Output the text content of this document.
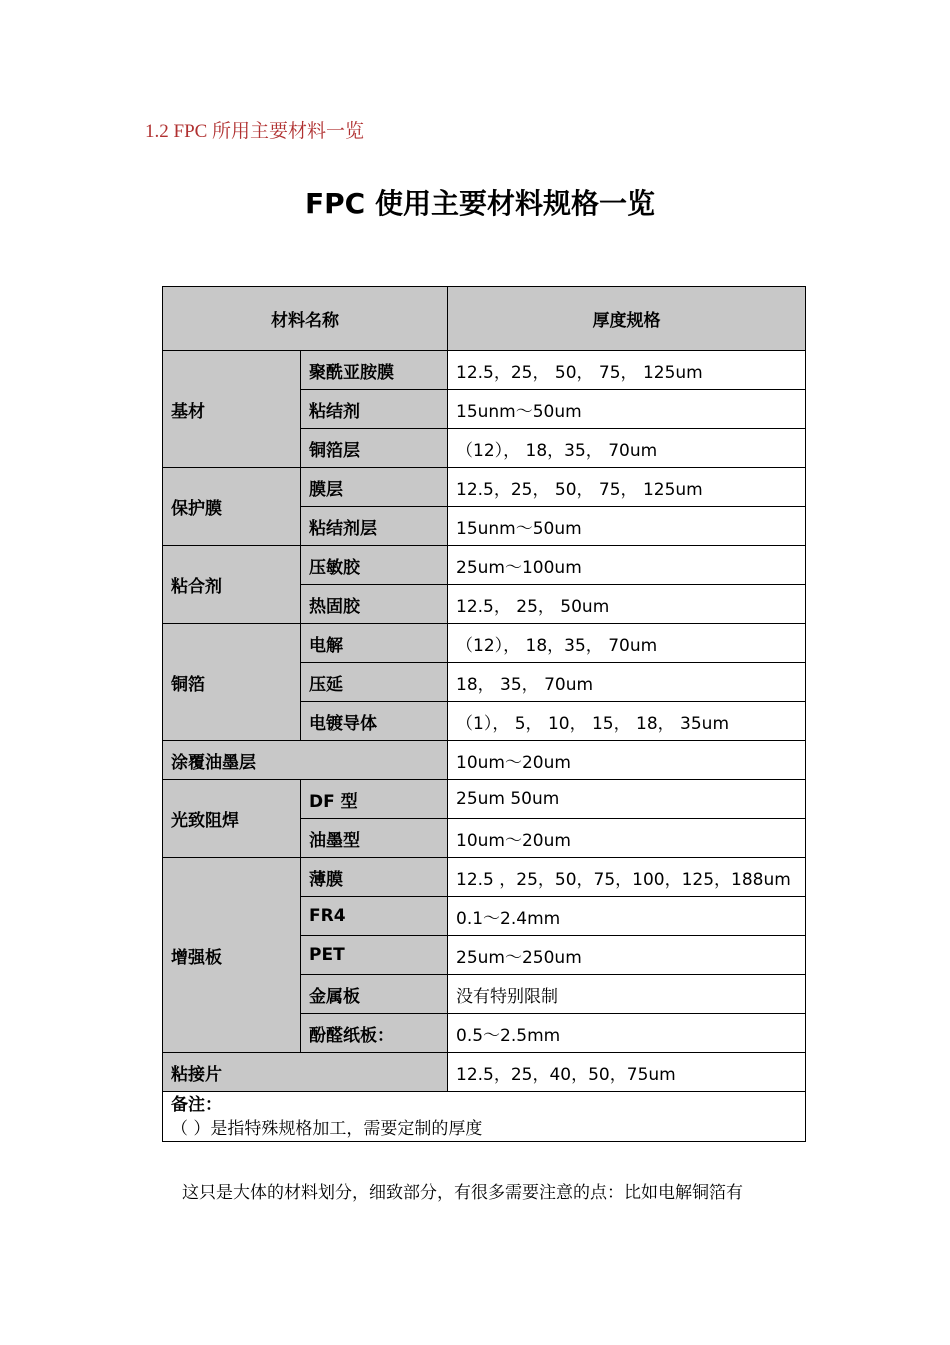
1.2 FPC 所用主要材料一览
FPC 使用主要材料规格一览
材料名称		厚度规格
基材	聚酰亚胺膜	12.5，25， 50， 75， 125um
	粘结剂	15unm～50um
	铜箔层	（12）， 18，35， 70um
保护膜	膜层	12.5，25， 50， 75， 125um
	粘结剂层	15unm～50um
粘合剂	压敏胶	25um～100um
	热固胶	12.5， 25， 50um
铜箔	电解	（12）， 18，35， 70um
	压延	18， 35， 70um
	电镀导体	（1）， 5， 10， 15， 18， 35um
涂覆油墨层		10um～20um
光致阻焊	DF 型	25um 50um
	油墨型	10um～20um
增强板	薄膜	12.5 ，25，50，75，100，125，188um
	FR4	0.1～2.4mm
	PET	25um～250um
	金属板	没有特别限制
	酚醛纸板：	0.5～2.5mm
粘接片		12.5，25，40，50，75um

备注：
（ ）是指特殊规格加工，需要定制的厚度		
这只是大体的材料划分，细致部分，有很多需要注意的点：比如电解铜箔有
